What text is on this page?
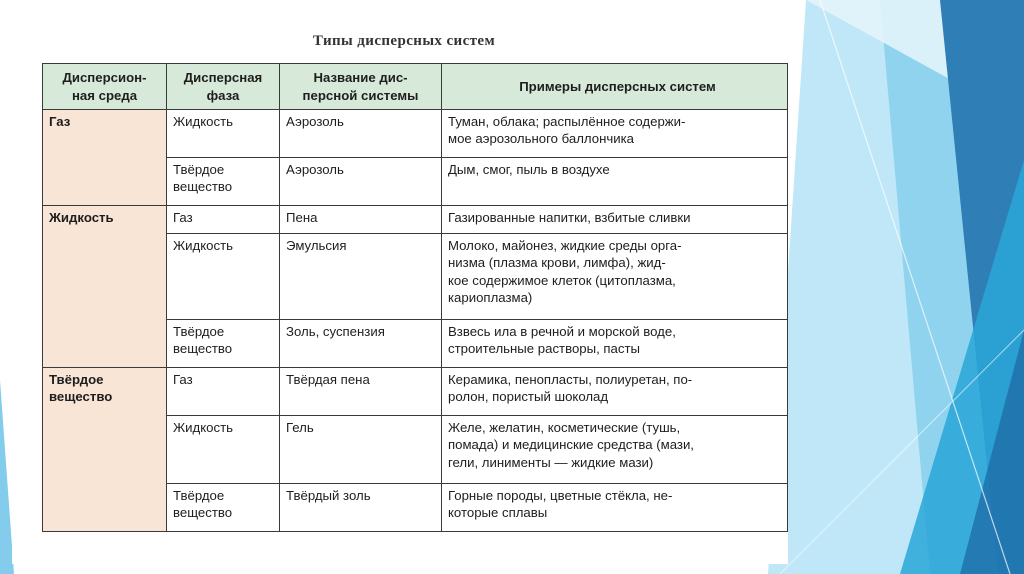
Типы дисперсных систем
Дисперсион-
ная среда	Дисперсная
фаза	Название дис-
персной системы	Примеры дисперсных систем

Газ	Жидкость	Аэрозоль	Туман, облака; распылённое содержи-
мое аэрозольного баллончика

	Твёрдое
вещество	Аэрозоль	Дым, смог, пыль в воздухе

Жидкость	Газ	Пена	Газированные напитки, взбитые сливки

	Жидкость	Эмульсия	Молоко, майонез, жидкие среды орга-
низма (плазма крови, лимфа), жид-
кое содержимое клеток (цитоплазма,
кариоплазма)

	Твёрдое
вещество	Золь, суспензия	Взвесь ила в речной и морской воде,
строительные растворы, пасты

Твёрдое
вещество	Газ	Твёрдая пена	Керамика, пенопласты, полиуретан, по-
ролон, пористый шоколад

	Жидкость	Гель	Желе, желатин, косметические (тушь,
помада) и медицинские средства (мази,
гели, линименты — жидкие мази)

	Твёрдое
вещество	Твёрдый золь	Горные породы, цветные стёкла, не-
которые сплавы
